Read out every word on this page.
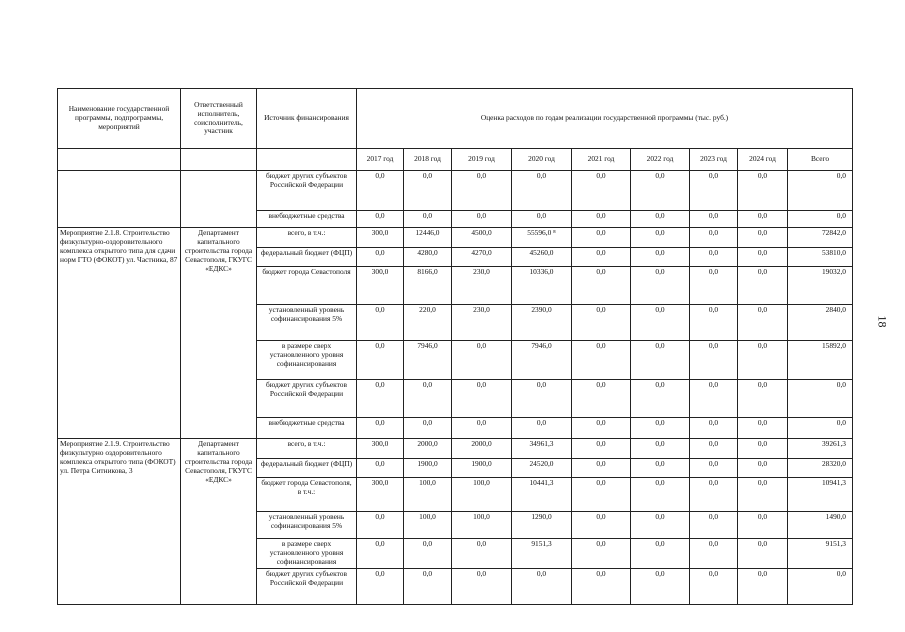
Наименование государственной программы, подпрограммы, мероприятий	Ответственный исполнитель, соисполнитель, участник	Источник финансирования	Оценка расходов по годам реализации государственной программы (тыс. руб.)								
			2017 год	2018 год	2019 год	2020 год	2021 год	2022 год	2023 год	2024 год	Всего
		бюджет других субъектов Российской Федерации	0,0	0,0	0,0	0,0	0,0	0,0	0,0	0,0	0,0
		внебюджетные средства	0,0	0,0	0,0	0,0	0,0	0,0	0,0	0,0	0,0
Мероприятие 2.1.8. Строительство физкультурно-оздоровительного комплекса открытого типа для сдачи норм ГТО (ФОКОТ) ул. Частника, 87	Департамент капитального строительства города Севастополя, ГКУГС «ЕДКС»	всего, в т.ч.:	300,0	12446,0	4500,0	55596,0 ⁸	0,0	0,0	0,0	0,0	72842,0
		федеральный бюджет (ФЦП)	0,0	4280,0	4270,0	45260,0	0,0	0,0	0,0	0,0	53810,0
		бюджет города Севастополя	300,0	8166,0	230,0	10336,0	0,0	0,0	0,0	0,0	19032,0
		установленный уровень софинансирования 5%	0,0	220,0	230,0	2390,0	0,0	0,0	0,0	0,0	2840,0
		в размере сверх установленного уровня софинансирования	0,0	7946,0	0,0	7946,0	0,0	0,0	0,0	0,0	15892,0
		бюджет других субъектов Российской Федерации	0,0	0,0	0,0	0,0	0,0	0,0	0,0	0,0	0,0
		внебюджетные средства	0,0	0,0	0,0	0,0	0,0	0,0	0,0	0,0	0,0
Мероприятие 2.1.9. Строительство физкультурно оздоровительного комплекса открытого типа (ФОКОТ) ул. Петра Ситникова, 3	Департамент капитального строительства города Севастополя, ГКУГС «ЕДКС»	всего, в т.ч.:	300,0	2000,0	2000,0	34961,3	0,0	0,0	0,0	0,0	39261,3
		федеральный бюджет (ФЦП)	0,0	1900,0	1900,0	24520,0	0,0	0,0	0,0	0,0	28320,0
		бюджет города Севастополя, в т.ч.:	300,0	100,0	100,0	10441,3	0,0	0,0	0,0	0,0	10941,3
		установленный уровень софинансирования 5%	0,0	100,0	100,0	1290,0	0,0	0,0	0,0	0,0	1490,0
		в размере сверх установленного уровня софинансирования	0,0	0,0	0,0	9151,3	0,0	0,0	0,0	0,0	9151,3
		бюджет других субъектов Российской Федерации	0,0	0,0	0,0	0,0	0,0	0,0	0,0	0,0	0,0
18
